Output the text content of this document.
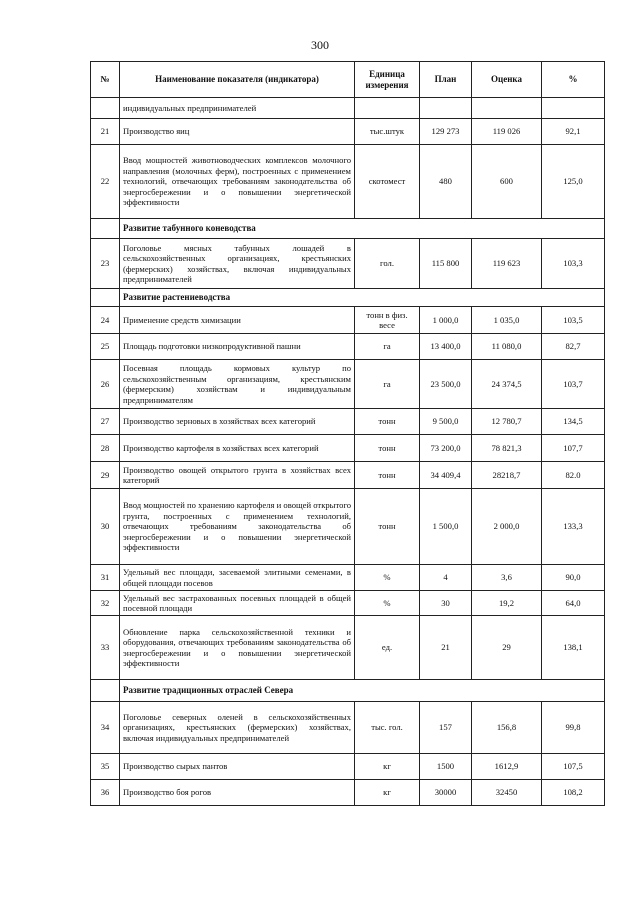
300
№	Наименование показателя (индикатора)	Единица измерения	План	Оценка	%
	индивидуальных предпринимателей				
21	Производство яиц	тыс.штук	129 273	119 026	92,1
22	Ввод мощностей животноводческих комплексов молочного направления (молочных ферм), построенных с применением технологий, отвечающих требованиям законодательства об энергосбережении и о повышении энергетической эффективности	скотомест	480	600	125,0
	Развитие табунного коневодства				
23	Поголовье мясных табунных лошадей в сельскохозяйственных организациях, крестьянских (фермерских) хозяйствах, включая индивидуальных предпринимателей	гол.	115 800	119 623	103,3
	Развитие растениеводства				
24	Применение средств химизации	тонн в физ. весе	1 000,0	1 035,0	103,5
25	Площадь подготовки низкопродуктивной пашни	га	13 400,0	11 080,0	82,7
26	Посевная площадь кормовых культур по сельскохозяйственным организациям, крестьянским (фермерским) хозяйствам и индивидуальным предпринимателям	га	23 500,0	24 374,5	103,7
27	Производство зерновых в хозяйствах всех категорий	тонн	9 500,0	12 780,7	134,5
28	Производство картофеля в хозяйствах всех категорий	тонн	73 200,0	78 821,3	107,7
29	Производство овощей открытого грунта в хозяйствах всех категорий	тонн	34 409,4	28218,7	82.0
30	Ввод мощностей по хранению картофеля и овощей открытого грунта, построенных с применением технологий, отвечающих требованиям законодательства об энергосбережении и о повышении энергетической эффективности	тонн	1 500,0	2 000,0	133,3
31	Удельный вес площади, засеваемой элитными семенами, в общей площади посевов	%	4	3,6	90,0
32	Удельный вес застрахованных посевных площадей в общей посевной площади	%	30	19,2	64,0
33	Обновление парка сельскохозяйственной техники и оборудования, отвечающих требованиям законодательства об энергосбережении и о повышении энергетической эффективности	ед.	21	29	138,1
	Развитие традиционных отраслей Севера				
34	Поголовье северных оленей в сельскохозяйственных организациях, крестьянских (фермерских) хозяйствах, включая индивидуальных предпринимателей	тыс. гол.	157	156,8	99,8
35	Производство сырых пантов	кг	1500	1612,9	107,5
36	Производство боя рогов	кг	30000	32450	108,2
